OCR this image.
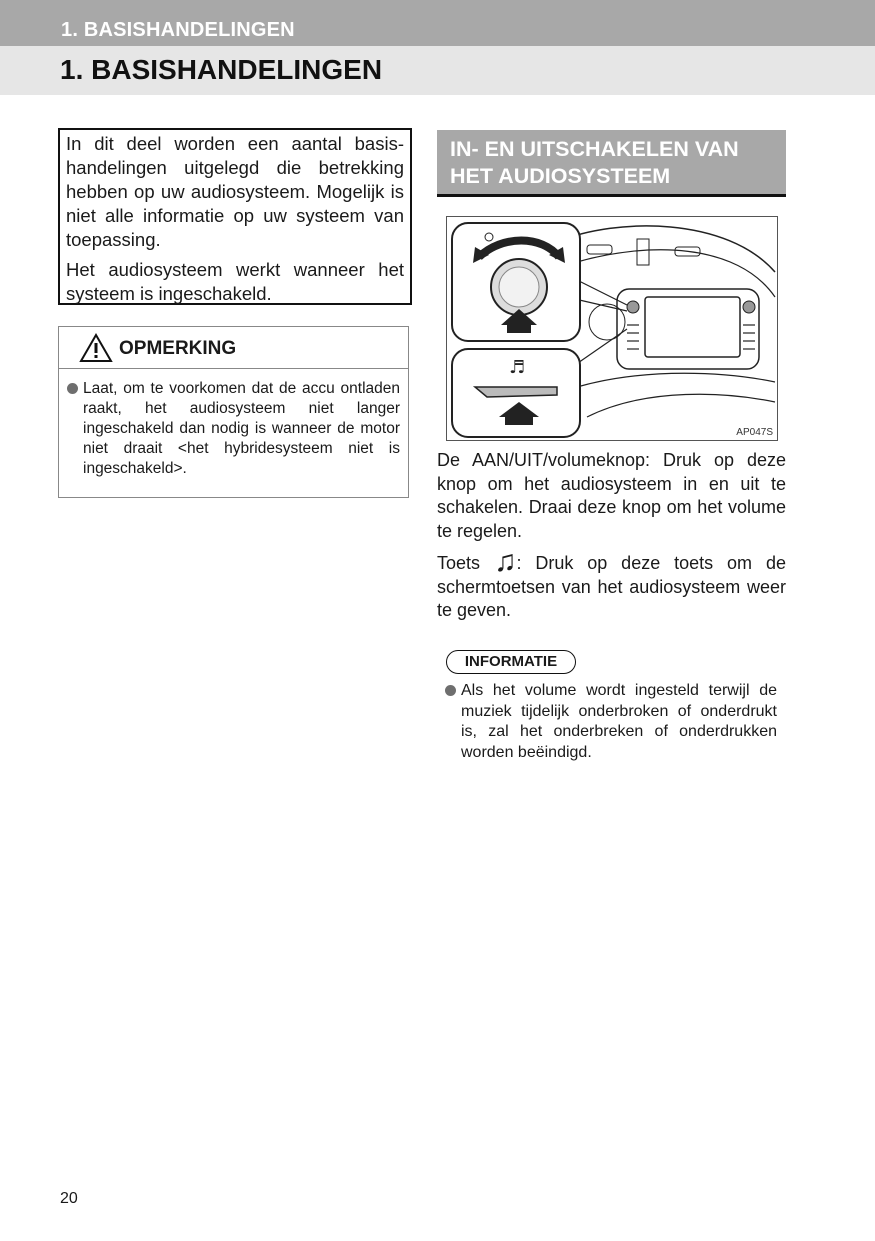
1. BASISHANDELINGEN
1. BASISHANDELINGEN

In dit deel worden een aantal basishandelingen uitgelegd die betrekking hebben op uw audiosysteem. Mogelijk is niet alle informatie op uw systeem van toepassing.

Het audiosysteem werkt wanneer het systeem is ingeschakeld.

OPMERKING
Laat, om te voorkomen dat de accu ontladen raakt, het audiosysteem niet langer ingeschakeld dan nodig is wanneer de motor niet draait <het hybridesysteem niet is ingeschakeld>.
IN- EN UITSCHAKELEN VAN
HET AUDIOSYSTEEM
♬
AP047S
De AAN/UIT/volumeknop: Druk op deze knop om het audiosysteem in en uit te schakelen. Draai deze knop om het volume te regelen.
Toets ♫: Druk op deze toets om de schermtoetsen van het audiosysteem weer te geven.
INFORMATIE
Als het volume wordt ingesteld terwijl de muziek tijdelijk onderbroken of onderdrukt is, zal het onderbreken of onderdrukken worden beëindigd.
20
